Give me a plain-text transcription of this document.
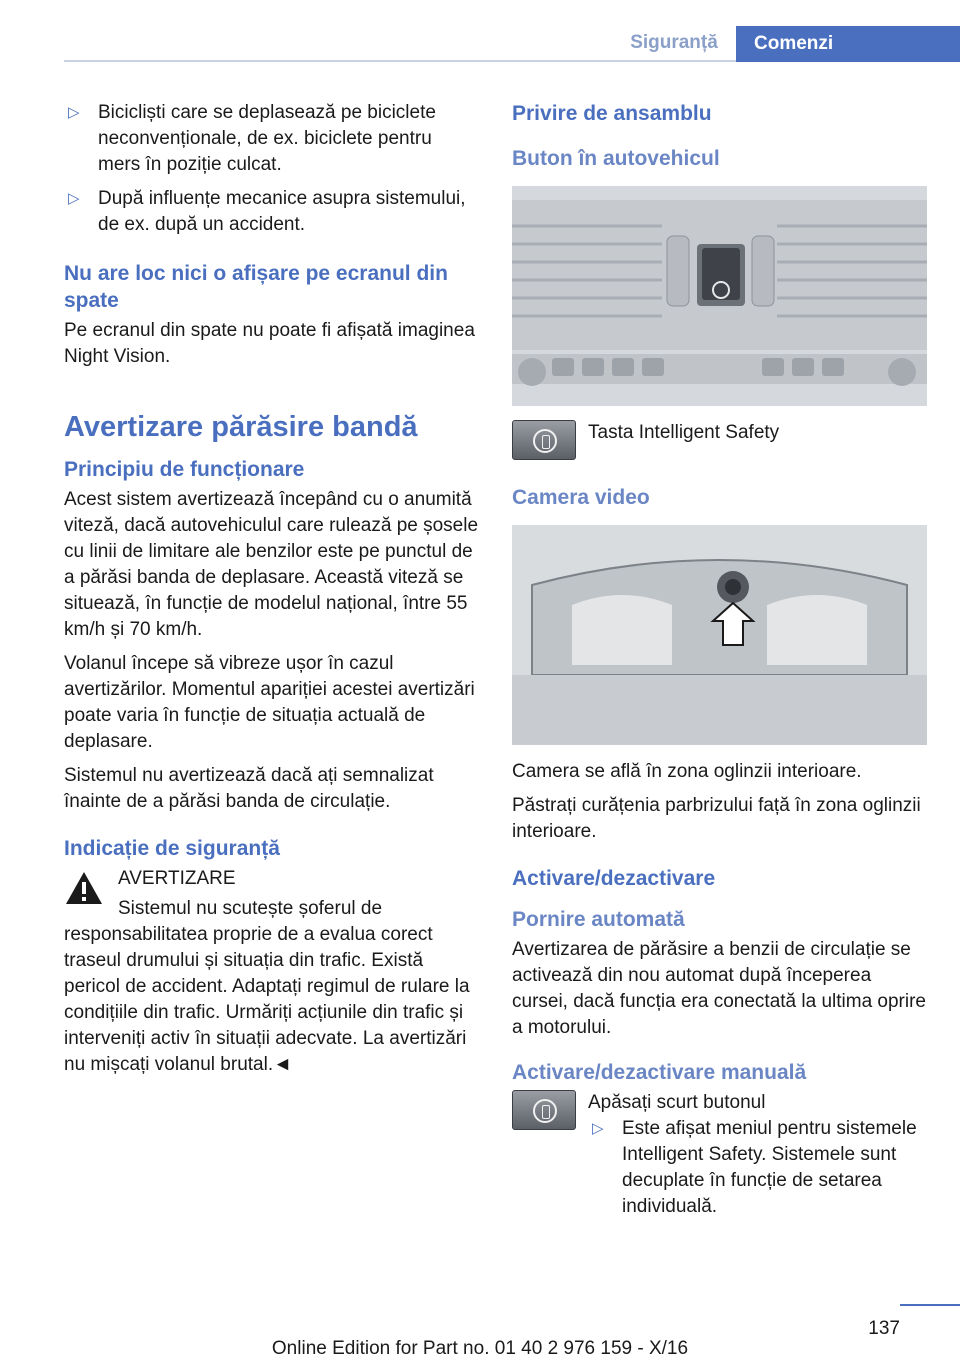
Siguranță	Comenzi
▷ Bicicliști care se deplasează pe biciclete neconvenționale, de ex. biciclete pentru mers în poziție culcat.
▷ După influențe mecanice asupra sistemului, de ex. după un accident.
Nu are loc nici o afișare pe ecranul din spate
Pe ecranul din spate nu poate fi afișată imaginea Night Vision.
Avertizare părăsire bandă
Principiu de funcționare
Acest sistem avertizează începând cu o anumită viteză, dacă autovehiculul care rulează pe șosele cu linii de limitare ale benzilor este pe punctul de a părăsi banda de deplasare. Această viteză se situează, în funcție de modelul național, între 55 km/h și 70 km/h.
Volanul începe să vibreze ușor în cazul avertizărilor. Momentul apariției acestei avertizări poate varia în funcție de situația actuală de deplasare.
Sistemul nu avertizează dacă ați semnalizat înainte de a părăsi banda de circulație.
Indicație de siguranță
AVERTIZARE
Sistemul nu scutește șoferul de responsabilitatea proprie de a evalua corect traseul drumului și situația din trafic. Există pericol de accident. Adaptați regimul de rulare la condițiile din trafic. Urmăriți acțiunile din trafic și interveniți activ în situații adecvate. La avertizări nu mișcați volanul brutal.◄
Privire de ansamblu
Buton în autovehicul
Tasta Intelligent Safety
Camera video
Camera se află în zona oglinzii interioare.
Păstrați curățenia parbrizului față în zona oglinzii interioare.
Activare/dezactivare
Pornire automată
Avertizarea de părăsire a benzii de circulație se activează din nou automat după începerea cursei, dacă funcția era conectată la ultima oprire a motorului.
Activare/dezactivare manuală
Apăsați scurt butonul
▷ Este afișat meniul pentru sistemele Intelligent Safety. Sistemele sunt decuplate în funcție de setarea individuală.
137
Online Edition for Part no. 01 40 2 976 159 - X/16
